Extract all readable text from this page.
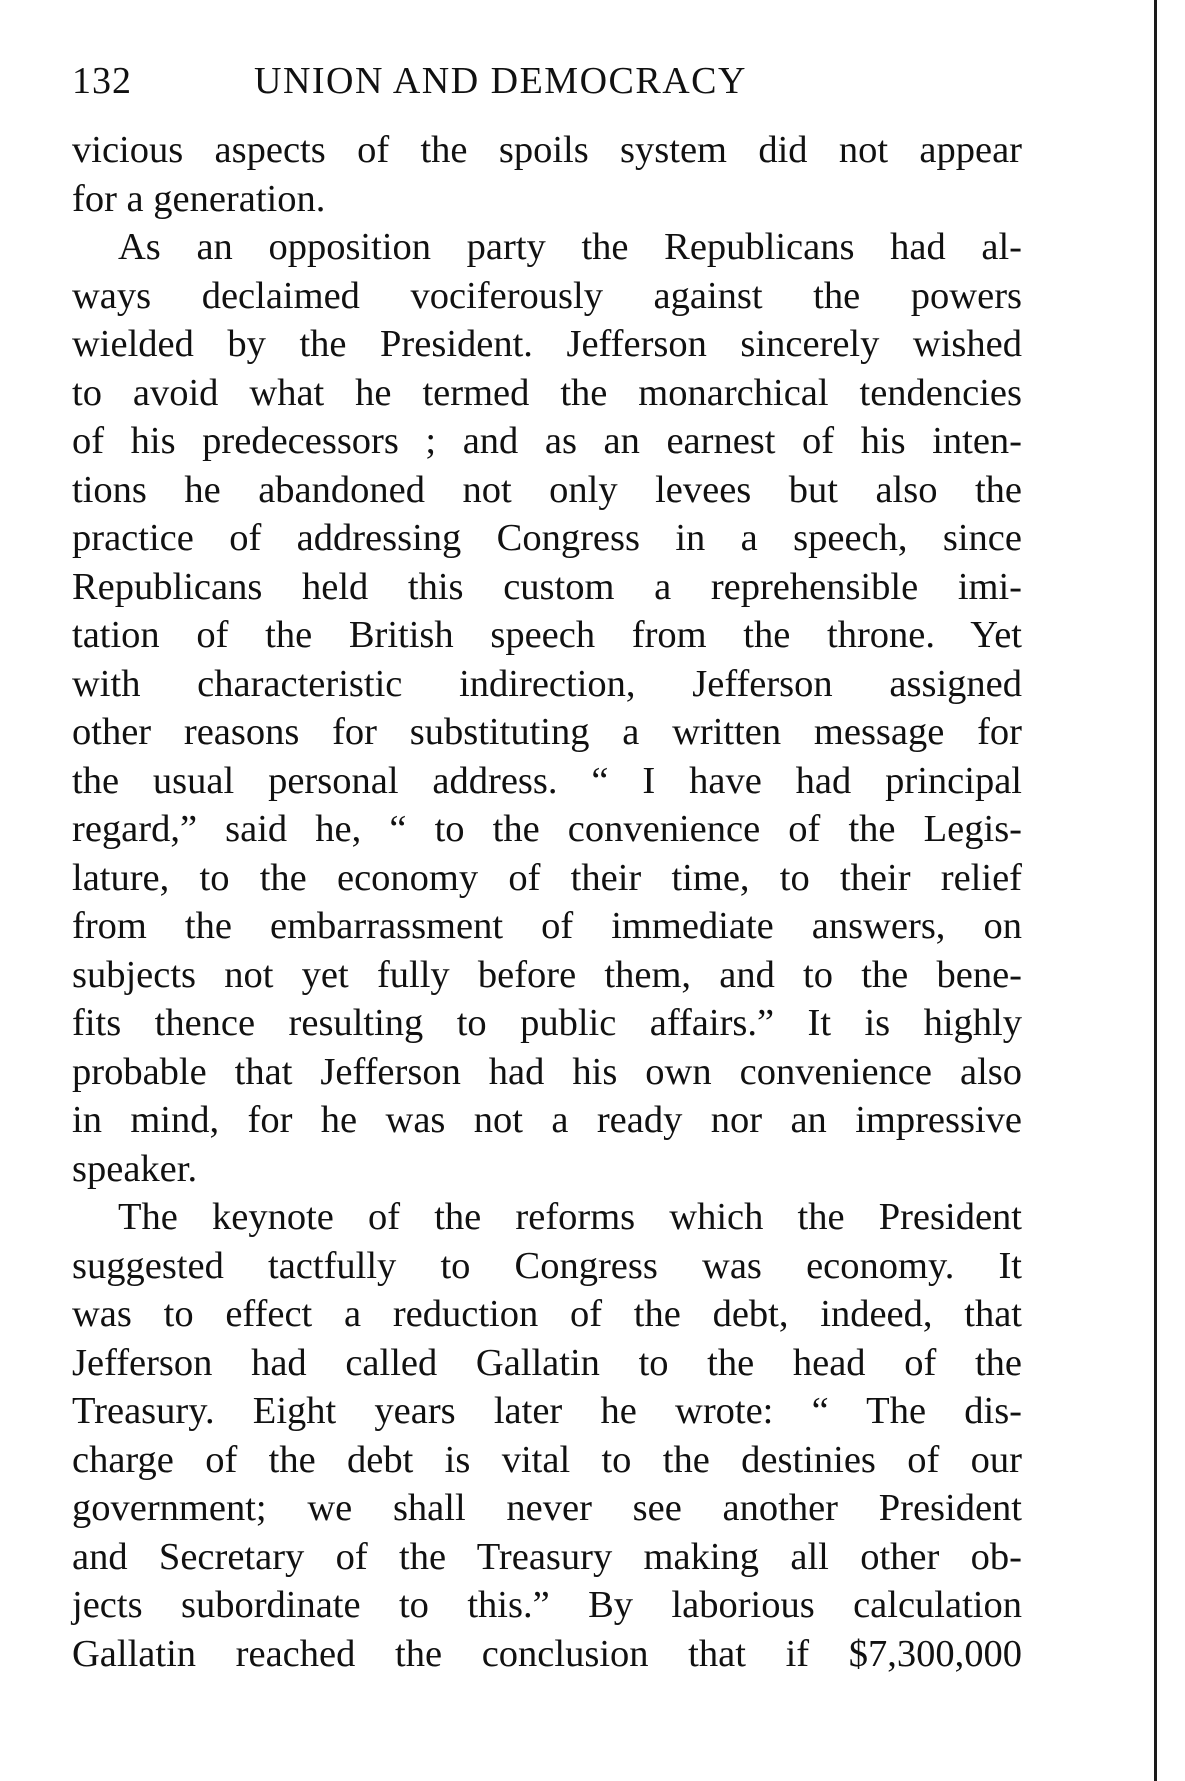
132	UNION AND DEMOCRACY
vicious aspects of the spoils system did not appear
for a generation.
As an opposition party the Republicans had al-
ways declaimed vociferously against the powers
wielded by the President. Jefferson sincerely wished
to avoid what he termed the monarchical tendencies
of his predecessors ; and as an earnest of his inten-
tions he abandoned not only levees but also the
practice of addressing Congress in a speech, since
Republicans held this custom a reprehensible imi-
tation of the British speech from the throne. Yet
with characteristic indirection, Jefferson assigned
other reasons for substituting a written message for
the usual personal address. “ I have had principal
regard,” said he, “ to the convenience of the Legis-
lature, to the economy of their time, to their relief
from the embarrassment of immediate answers, on
subjects not yet fully before them, and to the bene-
fits thence resulting to public affairs.” It is highly
probable that Jefferson had his own convenience also
in mind, for he was not a ready nor an impressive
speaker.
The keynote of the reforms which the President
suggested tactfully to Congress was economy. It
was to effect a reduction of the debt, indeed, that
Jefferson had called Gallatin to the head of the
Treasury. Eight years later he wrote: “ The dis-
charge of the debt is vital to the destinies of our
government; we shall never see another President
and Secretary of the Treasury making all other ob-
jects subordinate to this.” By laborious calculation
Gallatin reached the conclusion that if $7,300,000
